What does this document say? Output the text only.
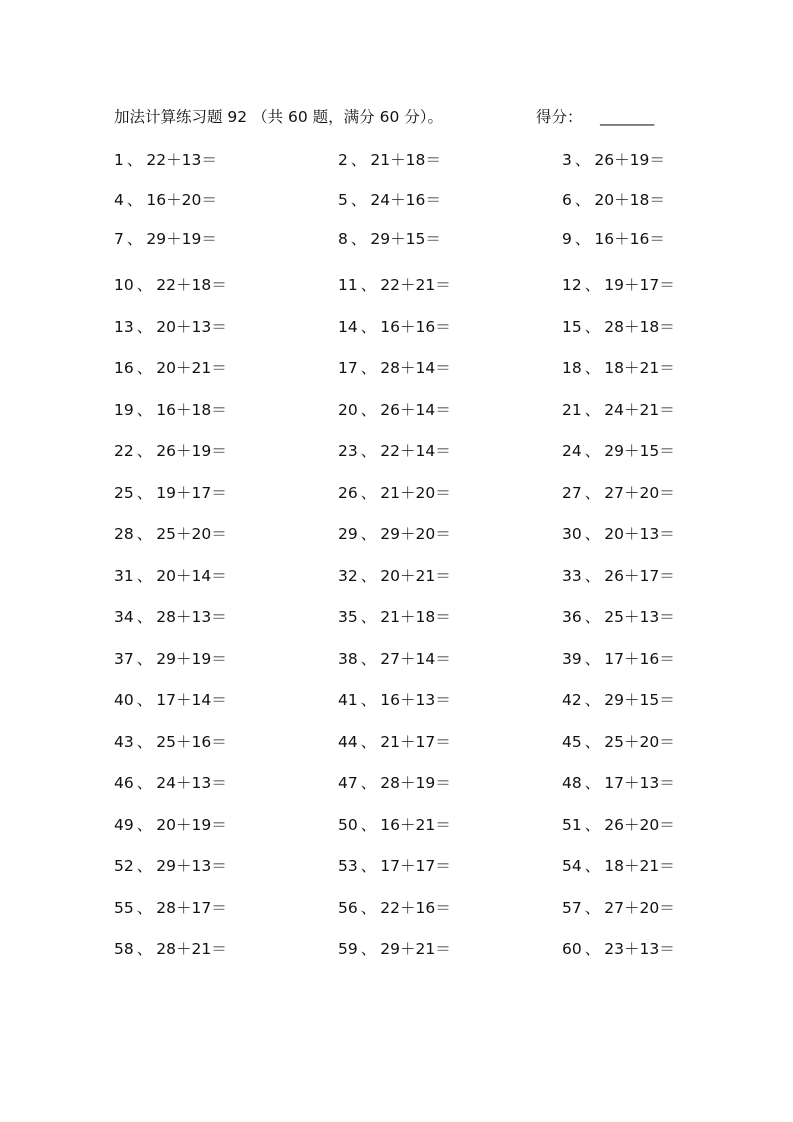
加法计算练习题 92 （共 60 题，满分 60 分）。	得分： _______
1 、 22＋13＝	2 、 21＋18＝	3 、 26＋19＝
4 、 16＋20＝	5 、 24＋16＝	6 、 20＋18＝
7 、 29＋19＝	8 、 29＋15＝	9 、 16＋16＝
10 、 22＋18＝	11 、 22＋21＝	12 、 19＋17＝
13 、 20＋13＝	14 、 16＋16＝	15 、 28＋18＝
16 、 20＋21＝	17 、 28＋14＝	18 、 18＋21＝
19 、 16＋18＝	20 、 26＋14＝	21 、 24＋21＝
22 、 26＋19＝	23 、 22＋14＝	24 、 29＋15＝
25 、 19＋17＝	26 、 21＋20＝	27 、 27＋20＝
28 、 25＋20＝	29 、 29＋20＝	30 、 20＋13＝
31 、 20＋14＝	32 、 20＋21＝	33 、 26＋17＝
34 、 28＋13＝	35 、 21＋18＝	36 、 25＋13＝
37 、 29＋19＝	38 、 27＋14＝	39 、 17＋16＝
40 、 17＋14＝	41 、 16＋13＝	42 、 29＋15＝
43 、 25＋16＝	44 、 21＋17＝	45 、 25＋20＝
46 、 24＋13＝	47 、 28＋19＝	48 、 17＋13＝
49 、 20＋19＝	50 、 16＋21＝	51 、 26＋20＝
52 、 29＋13＝	53 、 17＋17＝	54 、 18＋21＝
55 、 28＋17＝	56 、 22＋16＝	57 、 27＋20＝
58 、 28＋21＝	59 、 29＋21＝	60 、 23＋13＝
